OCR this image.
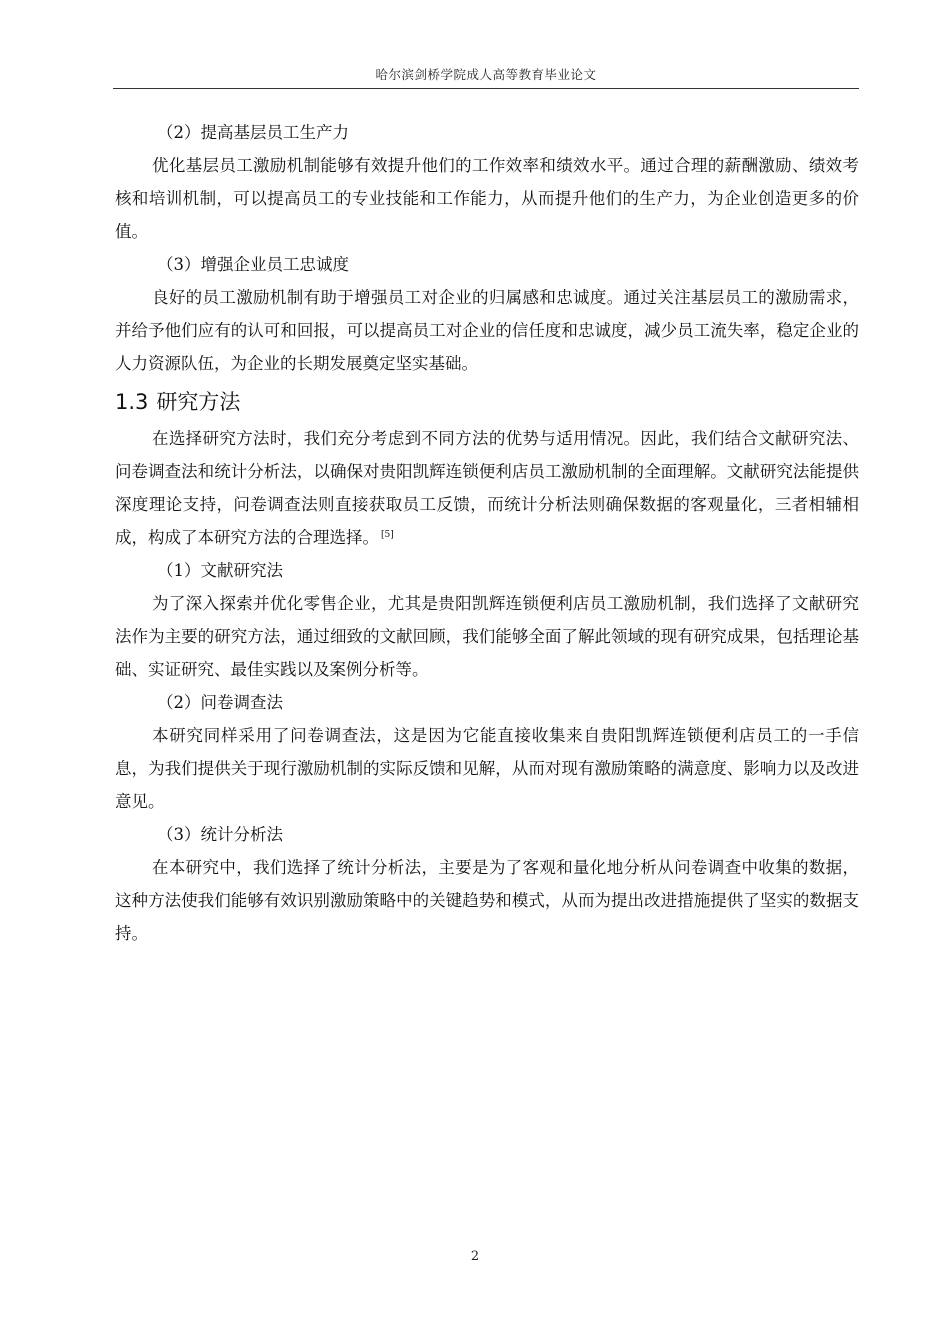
哈尔滨剑桥学院成人高等教育毕业论文

（2）提高基层员工生产力

优化基层员工激励机制能够有效提升他们的工作效率和绩效水平。通过合理的薪酬激励、绩效考核和培训机制，可以提高员工的专业技能和工作能力，从而提升他们的生产力，为企业创造更多的价值。

（3）增强企业员工忠诚度

良好的员工激励机制有助于增强员工对企业的归属感和忠诚度。通过关注基层员工的激励需求，并给予他们应有的认可和回报，可以提高员工对企业的信任度和忠诚度，减少员工流失率，稳定企业的人力资源队伍，为企业的长期发展奠定坚实基础。

1.3 研究方法

在选择研究方法时，我们充分考虑到不同方法的优势与适用情况。因此，我们结合文献研究法、问卷调查法和统计分析法，以确保对贵阳凯辉连锁便利店员工激励机制的全面理解。文献研究法能提供深度理论支持，问卷调查法则直接获取员工反馈，而统计分析法则确保数据的客观量化，三者相辅相成，构成了本研究方法的合理选择。 [5]

（1）文献研究法

为了深入探索并优化零售企业，尤其是贵阳凯辉连锁便利店员工激励机制，我们选择了文献研究法作为主要的研究方法，通过细致的文献回顾，我们能够全面了解此领域的现有研究成果，包括理论基础、实证研究、最佳实践以及案例分析等。

（2）问卷调查法

本研究同样采用了问卷调查法，这是因为它能直接收集来自贵阳凯辉连锁便利店员工的一手信息，为我们提供关于现行激励机制的实际反馈和见解，从而对现有激励策略的满意度、影响力以及改进意见。

（3）统计分析法

在本研究中，我们选择了统计分析法，主要是为了客观和量化地分析从问卷调查中收集的数据，这种方法使我们能够有效识别激励策略中的关键趋势和模式，从而为提出改进措施提供了坚实的数据支持。

2
